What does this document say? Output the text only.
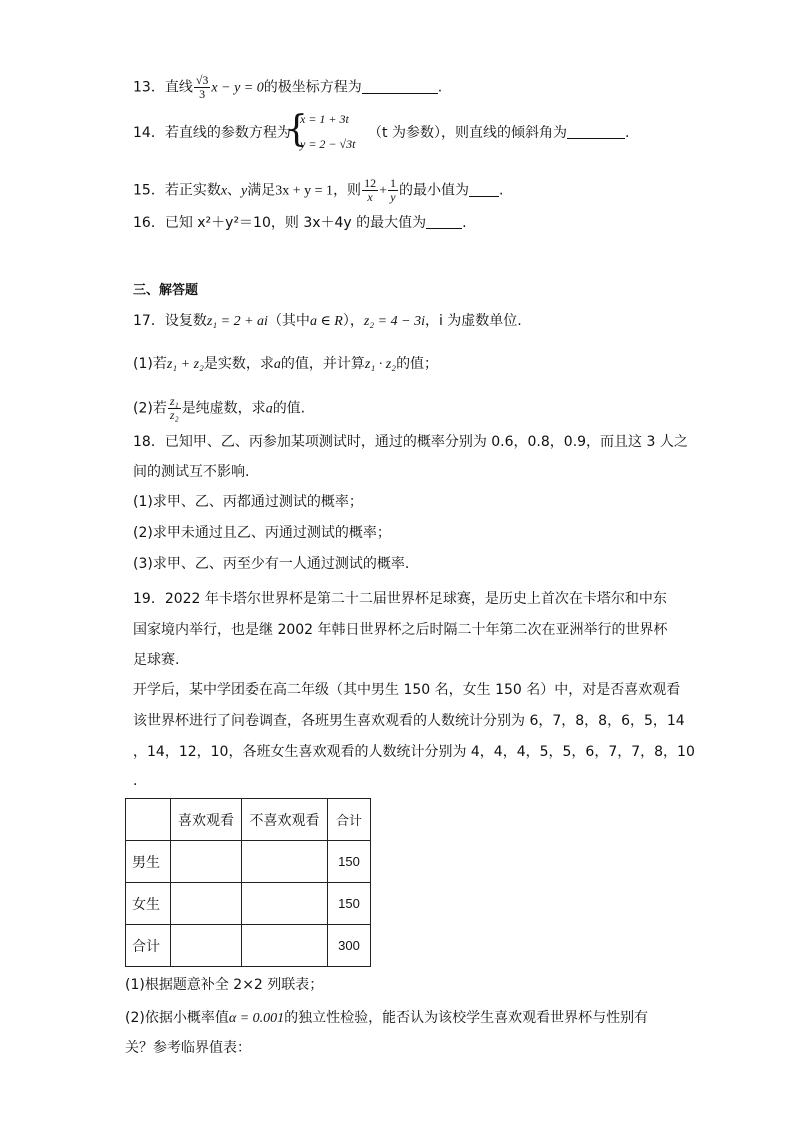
13．直线 $\frac{√3}{3}$ x − y = 0的极坐标方程为	.
14．若直线的参数方程为
{
x = 1 + 3t
y = 2 − √3t
（t 为参数），则直线的倾斜角为	.
15．若正实数x、y满足3x + y = 1，则 $\frac{12}{x} + \frac{1}{y}$ 的最小值为 .
16．已知 x²＋y²＝10，则 3x＋4y 的最大值为	.
三、解答题
17．设复数z₁ = 2 + ai（其中a ∈ R），z₂ = 4 − 3i，i 为虚数单位.
(1)若z₁ + z₂是实数，求a的值，并计算z₁ · z₂的值；
(2)若 $\frac{\text{z₁}}{\text{z₂}}$ 是纯虚数，求a的值.
18．已知甲、乙、丙参加某项测试时，通过的概率分别为 0.6，0.8，0.9，而且这 3 人之
间的测试互不影响.
(1)求甲、乙、丙都通过测试的概率；
(2)求甲未通过且乙、丙通过测试的概率；
(3)求甲、乙、丙至少有一人通过测试的概率.
19．2022 年卡塔尔世界杯是第二十二届世界杯足球赛，是历史上首次在卡塔尔和中东
国家境内举行，也是继 2002 年韩日世界杯之后时隔二十年第二次在亚洲举行的世界杯
足球赛.
开学后，某中学团委在高二年级（其中男生 150 名，女生 150 名）中，对是否喜欢观看
该世界杯进行了问卷调查，各班男生喜欢观看的人数统计分别为 6，7，8，8，6，5，14
，14，12，10，各班女生喜欢观看的人数统计分别为 4，4，4，5，5，6，7，7，8，10
.
	喜欢观看	不喜欢观看	合计
男生			150
女生			150
合计			300
(1)根据题意补全 2×2 列联表；
(2)依据小概率值α = 0.001的独立性检验，能否认为该校学生喜欢观看世界杯与性别有
关？参考临界值表：
